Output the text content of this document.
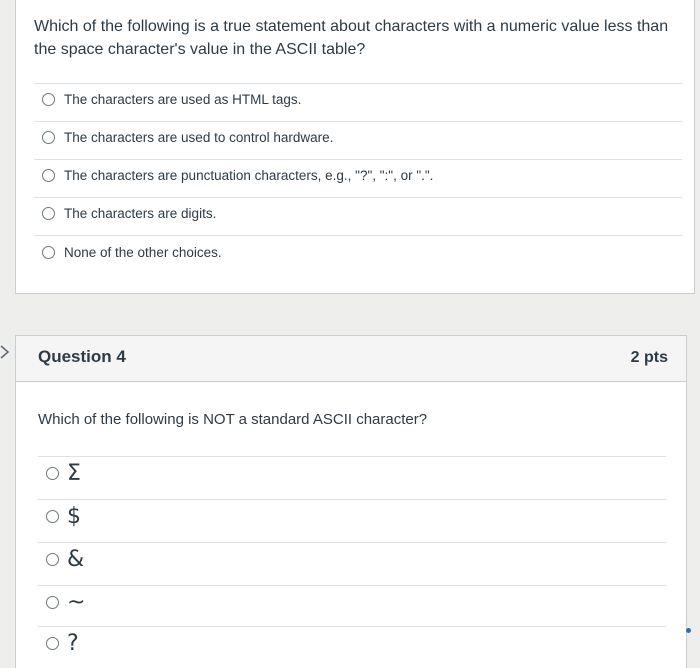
Which of the following is a true statement about characters with a numeric value less than the space character's value in the ASCII table?
The characters are used as HTML tags.
The characters are used to control hardware.
The characters are punctuation characters, e.g., "?", ":", or ".".
The characters are digits.
None of the other choices.
Question 4	2 pts
Which of the following is NOT a standard ASCII character?
Σ
$
&
~
?
